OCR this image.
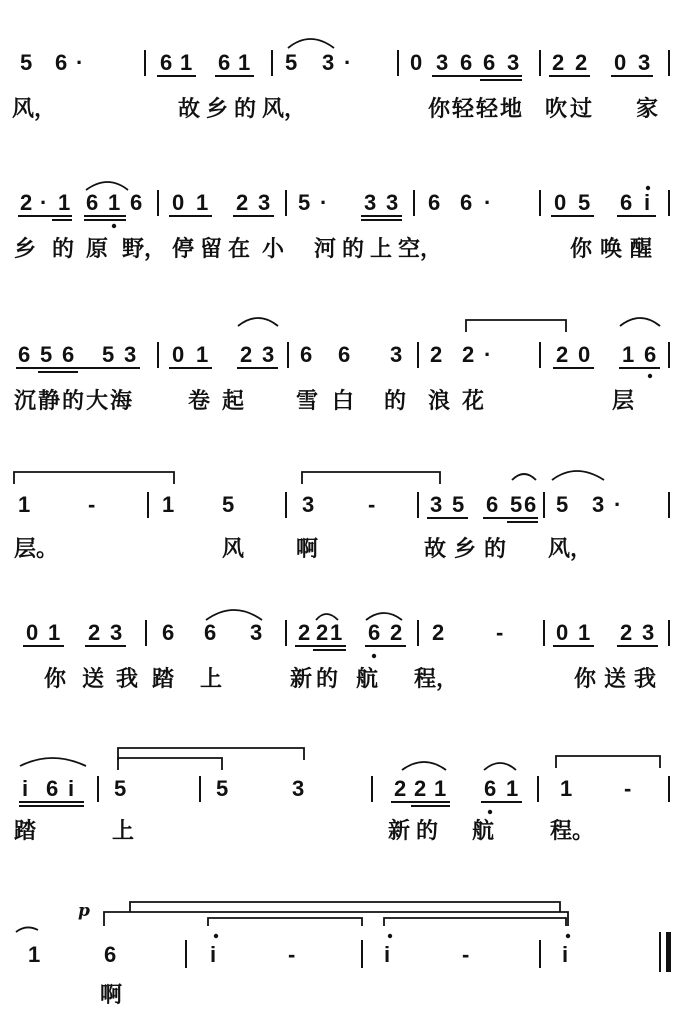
5 6 ·	6 1 6 1 5 3 ·	0 3 6 6 3 2 2 0 3
风，	故 乡 的 风，	你 轻 轻 地 吹 过 家
2 · 1 6 1 6 0 1 2 3 5 · 3 3 6 6 ·	0 5 6 i
乡 的 原 野， 停 留 在 小 河 的 上 空，	你 唤 醒
6 5 6 5 3 0 1 2 3 6 6 3 2 2 ·	2 0 1 6
沉 静 的 大 海	卷 起 雪 白 的 浪 花	层
1	-	1 5	3 - 3 5 6 5 6 5 3 ·
层。	风 啊	故 乡 的 风，
0 1 2 3 6 6 3 2 2 1 6 2 2 - 0 1 2 3
你 送 我 踏 上	新 的 航 程，	你 送 我
i 6 i 5	5	3	2 2 1 6 1 1 -
踏	上	新 的 航	程。
p
1	6	i	-	i	-	i
啊
